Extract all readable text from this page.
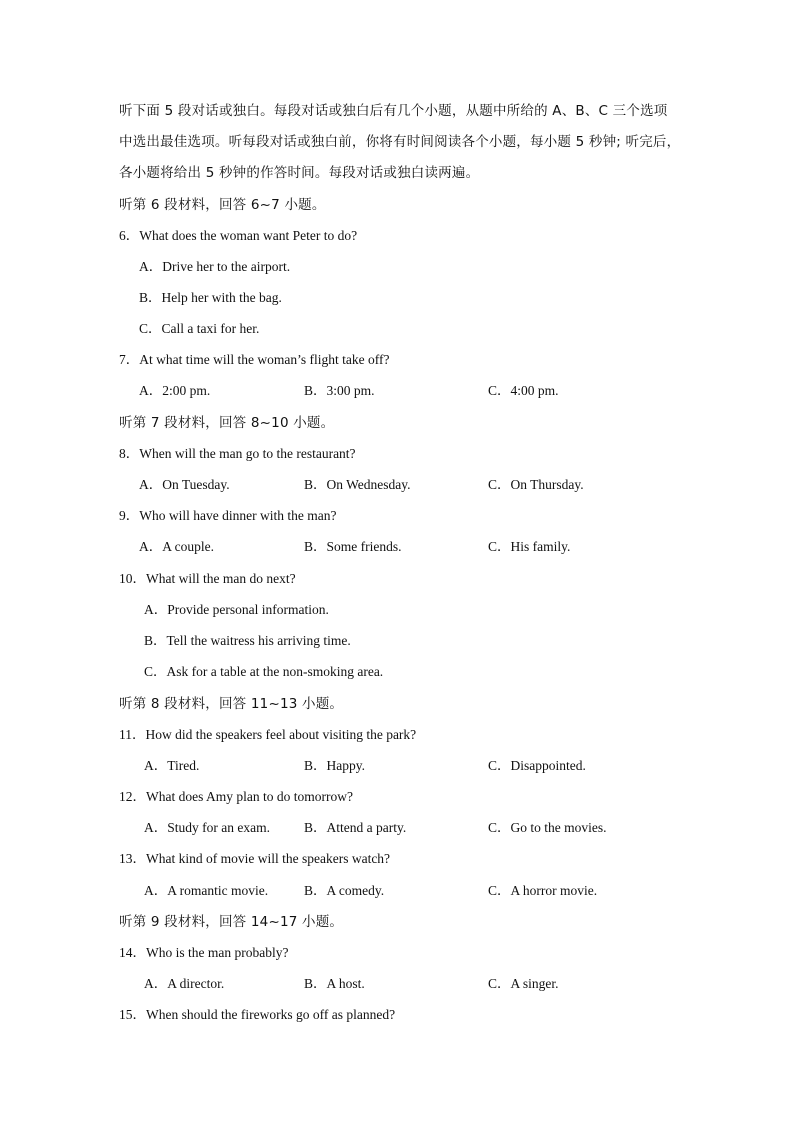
听下面 5 段对话或独白。每段对话或独白后有几个小题，从题中所给的 A、B、C 三个选项
中选出最佳选项。听每段对话或独白前，你将有时间阅读各个小题，每小题 5 秒钟; 听完后，
各小题将给出 5 秒钟的作答时间。每段对话或独白读两遍。
听第 6 段材料，回答 6~7 小题。
6．What does the woman want Peter to do?
A．Drive her to the airport.
B．Help her with the bag.
C．Call a taxi for her.
7．At what time will the woman’s flight take off?
A．2:00 pm.	B．3:00 pm.	C．4:00 pm.
听第 7 段材料，回答 8~10 小题。
8．When will the man go to the restaurant?
A．On Tuesday.	B．On Wednesday.	C．On Thursday.
9．Who will have dinner with the man?
A．A couple.	B．Some friends.	C．His family.
10．What will the man do next?
A．Provide personal information.
B．Tell the waitress his arriving time.
C．Ask for a table at the non-smoking area.
听第 8 段材料，回答 11~13 小题。
11．How did the speakers feel about visiting the park?
A．Tired.	B．Happy.	C．Disappointed.
12．What does Amy plan to do tomorrow?
A．Study for an exam.	B．Attend a party.	C．Go to the movies.
13．What kind of movie will the speakers watch?
A．A romantic movie.	B．A comedy.	C．A horror movie.
听第 9 段材料，回答 14~17 小题。
14．Who is the man probably?
A．A director.	B．A host.	C．A singer.
15．When should the fireworks go off as planned?
